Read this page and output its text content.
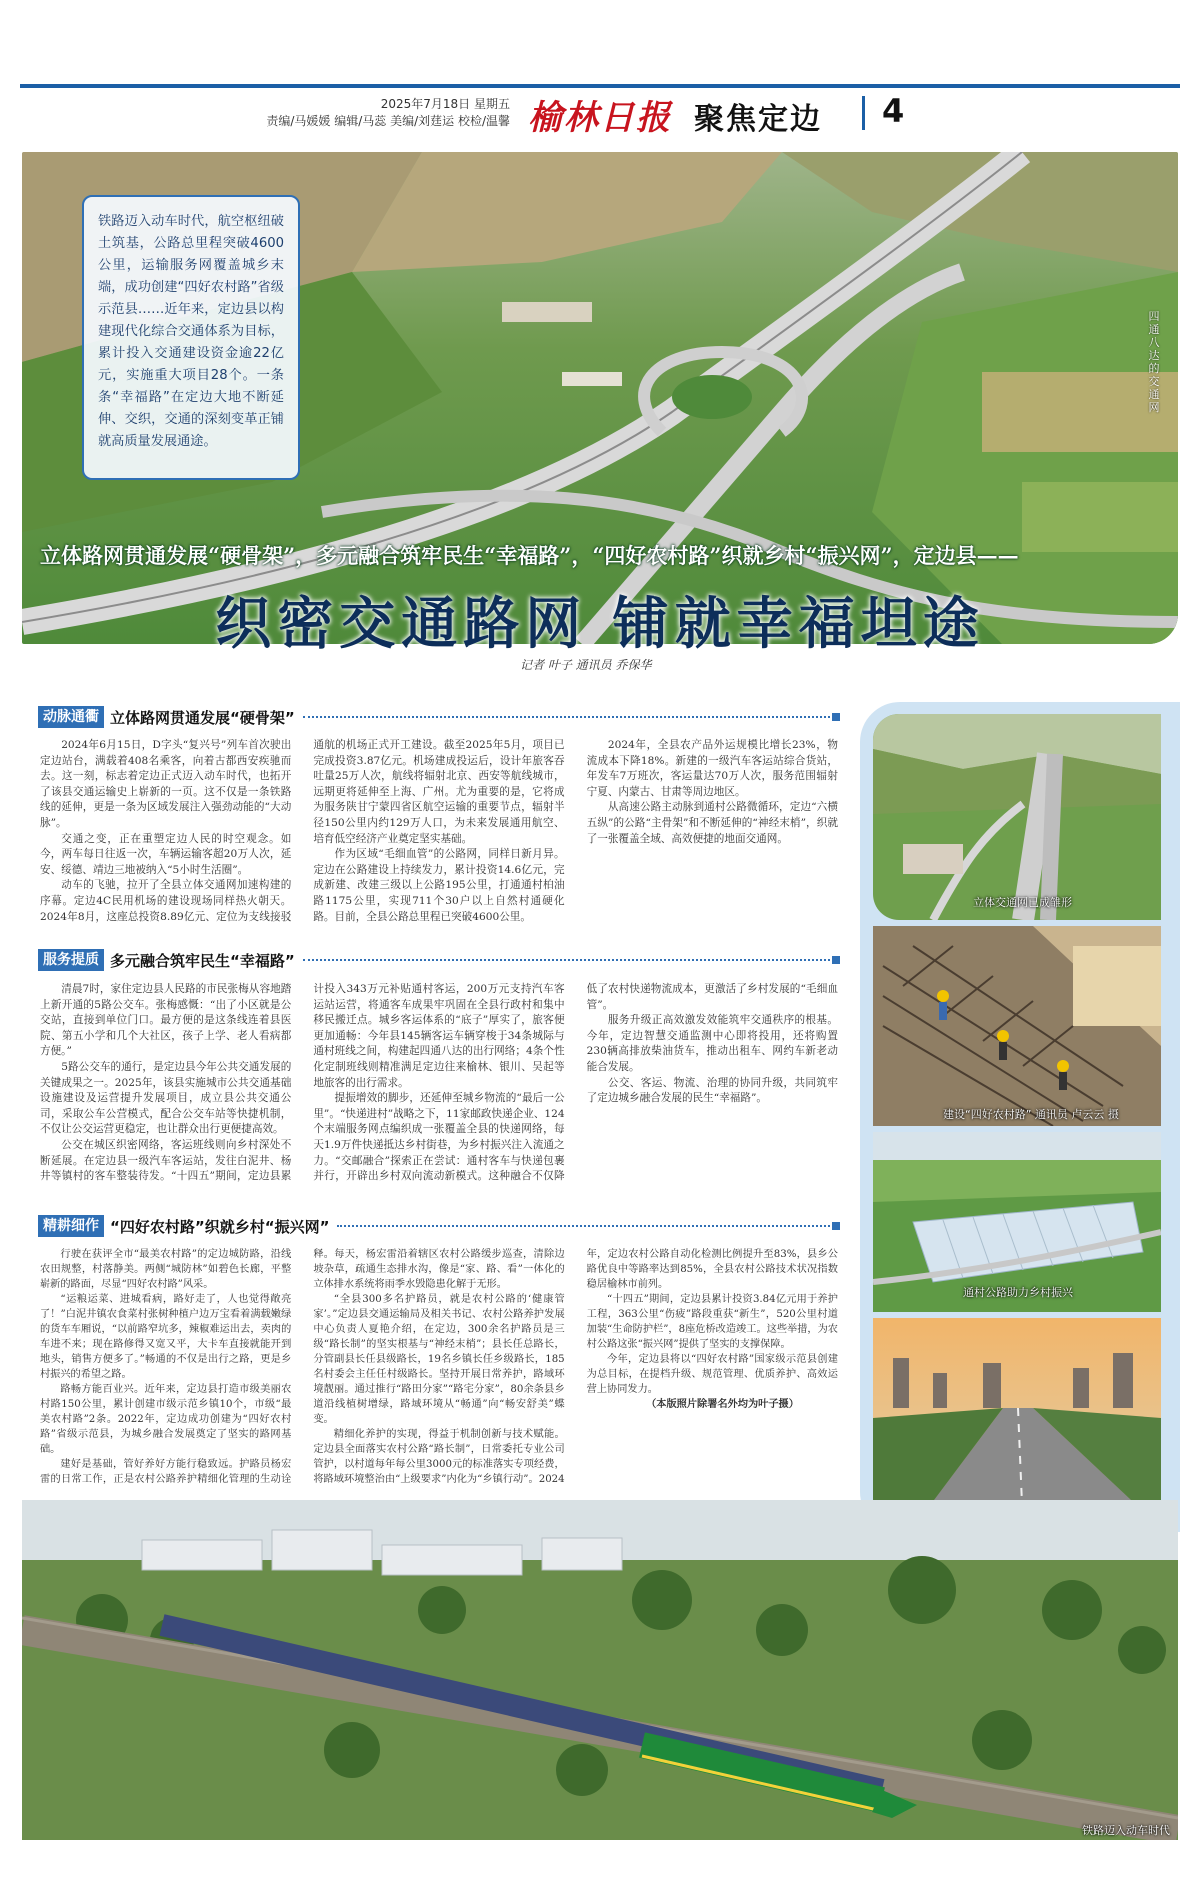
2025年7月18日 星期五
责编/马媛媛 编辑/马蕊 美编/刘莛运 校检/温馨 榆林日报 聚焦定边 4
铁路迈入动车时代，航空枢纽破土筑基，公路总里程突破4600公里，运输服务网覆盖城乡末端，成功创建“四好农村路”省级示范县……近年来，定边县以构建现代化综合交通体系为目标，累计投入交通建设资金逾22亿元，实施重大项目28个。一条条“幸福路”在定边大地不断延伸、交织，交通的深刻变革正铺就高质量发展通途。
四通八达的交通网
立体路网贯通发展“硬骨架”，多元融合筑牢民生“幸福路”，“四好农村路”织就乡村“振兴网”，定边县——
织密交通路网 铺就幸福坦途
记者 叶子 通讯员 乔保华
动脉通衢 立体路网贯通发展“硬骨架”

2024年6月15日，D字头“复兴号”列车首次驶出定边站台，满载着408名乘客，向着古都西安疾驰而去。这一刻，标志着定边正式迈入动车时代，也拓开了该县交通运输史上崭新的一页。这不仅是一条铁路线的延伸，更是一条为区域发展注入强劲动能的“大动脉”。

交通之变，正在重塑定边人民的时空观念。如今，两车每日往返一次，车辆运输客超20万人次，延安、绥德、靖边三地被纳入“5小时生活圈”。

动车的飞驰，拉开了全县立体交通网加速构建的序幕。定边4C民用机场的建设现场同样热火朝天。2024年8月，这座总投资8.89亿元、定位为支线接驳通航的机场正式开工建设。截至2025年5月，项目已完成投资3.87亿元。机场建成投运后，设计年旅客吞吐量25万人次，航线将辐射北京、西安等航线城市，远期更将延伸至上海、广州。尤为重要的是，它将成为服务陕甘宁蒙四省区航空运输的重要节点，辐射半径150公里内约129万人口，为未来发展通用航空、培育低空经济产业奠定坚实基础。

作为区域“毛细血管”的公路网，同样日新月异。定边在公路建设上持续发力，累计投资14.6亿元，完成新建、改建三级以上公路195公里，打通通村柏油路1175公里，实现711个30户以上自然村通硬化路。目前，全县公路总里程已突破4600公里。

2024年，全县农产品外运规模比增长23%，物流成本下降18%。新建的一级汽车客运站综合货站，年发车7万班次，客运量达70万人次，服务范围辐射宁夏、内蒙古、甘肃等周边地区。

从高速公路主动脉到通村公路微循环，定边“六横五纵”的公路“主骨架”和不断延伸的“神经末梢”，织就了一张覆盖全域、高效便捷的地面交通网。

服务提质 多元融合筑牢民生“幸福路”

清晨7时，家住定边县人民路的市民张梅从容地踏上新开通的5路公交车。张梅感慨：“出了小区就是公交站，直接到单位门口。最方便的是这条线连着县医院、第五小学和几个大社区，孩子上学、老人看病都方便。”

5路公交车的通行，是定边县今年公共交通发展的关键成果之一。2025年，该县实施城市公共交通基础设施建设及运营提升发展项目，成立县公共交通公司，采取公车公营模式，配合公交车站等快捷机制，不仅让公交运营更稳定，也让群众出行更便捷高效。

公交在城区织密网络，客运班线则向乡村深处不断延展。在定边县一级汽车客运站，发往白泥井、杨井等镇村的客车整装待发。“十四五”期间，定边县累计投入343万元补贴通村客运，200万元支持汽车客运站运营，将通客车成果牢巩固在全县行政村和集中移民搬迁点。城乡客运体系的“底子”厚实了，旅客便更加通畅：今年县145辆客运车辆穿梭于34条城际与通村班线之间，构建起四通八达的出行网络；4条个性化定制班线则精准满足定边往来榆林、银川、吴起等地旅客的出行需求。

提振增效的脚步，还延伸至城乡物流的“最后一公里”。“快递进村”战略之下，11家邮政快递企业、124个末端服务网点编织成一张覆盖全县的快递网络，每天1.9万件快递抵达乡村街巷，为乡村振兴注入流通之力。“交邮融合”探索正在尝试：通村客车与快递包裹并行，开辟出乡村双向流动新模式。这种融合不仅降低了农村快递物流成本，更激活了乡村发展的“毛细血管”。

服务升级正高效激发效能筑牢交通秩序的根基。今年，定边智慧交通监测中心即将投用，还将购置230辆高排放柴油货车，推动出租车、网约车新老动能合发展。

公交、客运、物流、治理的协同升级，共同筑牢了定边城乡融合发展的民生“幸福路”。

精耕细作 “四好农村路”织就乡村“振兴网”

行驶在获评全市“最美农村路”的定边城防路，沿线农田规整，村落静美。两侧“城防林”如碧色长廊，平整崭新的路面，尽显“四好农村路”风采。

“运粮运菜、进城看病，路好走了，人也觉得敞亮了！”白泥井镇农食菜村张树种植户边万宝看着满载嫩绿的货车车厢说，“以前路窄坑多，辣椒难运出去，卖肉的车进不来；现在路修得又宽又平，大卡车直接就能开到地头，销售方便多了。”畅通的不仅是出行之路，更是乡村振兴的希望之路。

路畅方能百业兴。近年来，定边县打造市级美丽农村路150公里，累计创建市级示范乡镇10个，市级“最美农村路”2条。2022年，定边成功创建为“四好农村路”省级示范县，为城乡融合发展奠定了坚实的路网基础。

建好是基础，管好养好方能行稳致远。护路员杨宏雷的日常工作，正是农村公路养护精细化管理的生动诠释。每天，杨宏雷沿着辖区农村公路缓步巡查，清除边坡杂草，疏通生态排水沟，像是“家、路、看”一体化的立体排水系统将雨季水毁隐患化解于无形。

“全县300多名护路员，就是农村公路的‘健康管家’。”定边县交通运输局及相关书记、农村公路养护发展中心负责人夏艳介绍，在定边，300余名护路员是三级“路长制”的坚实根基与“神经末梢”；县长任总路长，分管副县长任县级路长，19名乡镇长任乡级路长，185名村委会主任任村级路长。坚持开展日常养护，路域环境靓丽。通过推行“路田分家”“路宅分家”，80余条县乡道沿线植树增绿，路域环境从“畅通”向“畅安舒美”蝶变。

精细化养护的实现，得益于机制创新与技术赋能。定边县全面落实农村公路“路长制”，日常委托专业公司管护，以村道每年每公里3000元的标准落实专项经费，将路域环境整治由“上级要求”内化为“乡镇行动”。2024年，定边农村公路自动化检测比例提升至83%，县乡公路优良中等路率达到85%，全县农村公路技术状况指数稳居榆林市前列。

“十四五”期间，定边县累计投资3.84亿元用于养护工程，363公里“伤疲”路段重获“新生”，520公里村道加装“生命防护栏”，8座危桥改造竣工。这些举措，为农村公路这张“振兴网”提供了坚实的支撑保障。

今年，定边县将以“四好农村路”国家级示范县创建为总目标，在提档升级、规范管理、优质养护、高效运营上协同发力。

（本版照片除署名外均为叶子摄）

立体交通网已成雏形
建设“四好农村路” 通讯员 卢云云 摄
通村公路助力乡村振兴
铁路迈入动车时代
